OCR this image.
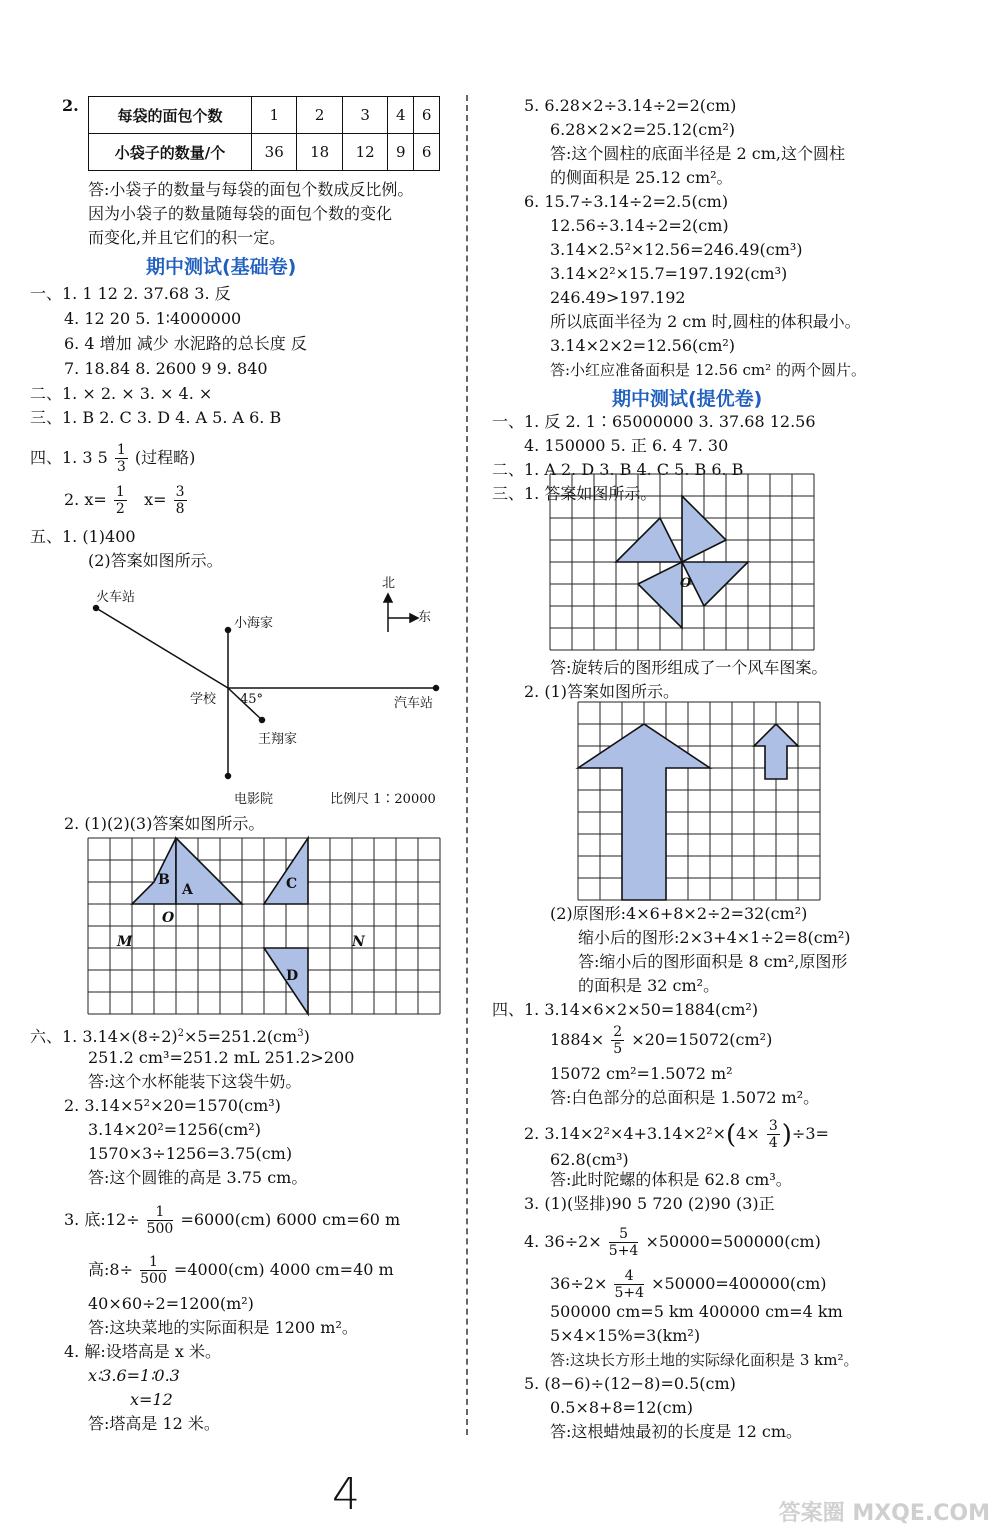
2.
每袋的面包个数	1	2	3	4	6
小袋子的数量/个	36	18	12	9	6
答:小袋子的数量与每袋的面包个数成反比例。
因为小袋子的数量随每袋的面包个数的变化
而变化,并且它们的积一定。
期中测试(基础卷)
一、1. 1 12 2. 37.68 3. 反
4. 12 20 5. 1∶4000000
6. 4 增加 减少 水泥路的总长度 反
7. 18.84 8. 2600 9 9. 840
二、1. × 2. × 3. × 4. ×
三、1. B 2. C 3. D 4. A 5. A 6. B
四、1. 3 $5 \frac{1}{3}$ (过程略)
2. $x= \frac{1}{2} x= \frac{3}{8}$
五、1. (1)400
(2)答案如图所示。
火车站
小海家
北
东
学校 45°	汽车站
王翔家
电影院	比例尺 1∶20000
2. (1)(2)(3)答案如图所示。
B
A	C
O
M	N
D
六、1. $3.14\times(8\div 2)^2\times 5=251.2(cm^3)$
251.2 cm³=251.2 mL 251.2>200
答:这个水杯能装下这袋牛奶。
2. 3.14×5²×20=1570(cm³)
3.14×20²=1256(cm²)
1570×3÷1256=3.75(cm)
答:这个圆锥的高是 3.75 cm。
3. 底:12÷ $\frac{1}{500} =6000(cm)$ 6000 cm=60 m
高:8÷ $\frac{1}{500} =4000(cm)$ 4000 cm=40 m
40×60÷2=1200(m²)
答:这块菜地的实际面积是 1200 m²。
4. 解:设塔高是 x 米。
x∶3.6=1∶0.3
x=12
答:塔高是 12 米。
5. 6.28×2÷3.14÷2=2(cm)
6.28×2×2=25.12(cm²)
答:这个圆柱的底面半径是 2 cm,这个圆柱
的侧面积是 25.12 cm²。
6. 15.7÷3.14÷2=2.5(cm)
12.56÷3.14÷2=2(cm)
3.14×2.5²×12.56=246.49(cm³)
3.14×2²×15.7=197.192(cm³)
246.49>197.192
所以底面半径为 2 cm 时,圆柱的体积最小。
3.14×2×2=12.56(cm²)
答:小红应准备面积是 12.56 cm² 的两个圆片。
期中测试(提优卷)
一、1. 反 2. 1∶65000000 3. 37.68 12.56
4. 150000 5. 正 6. 4 7. 30
二、1. A 2. D 3. B 4. C 5. B 6. B
三、1. 答案如图所示。
O
答:旋转后的图形组成了一个风车图案。
2. (1)答案如图所示。
(2)原图形:4×6+8×2÷2=32(cm²)
缩小后的图形:2×3+4×1÷2=8(cm²)
答:缩小后的图形面积是 8 cm²,原图形
的面积是 32 cm²。
四、1. 3.14×6×2×50=1884(cm²)
$1884\times \frac{2}{5} \times 20=15072(cm^2)$
15072 cm²=1.5072 m²
答:白色部分的总面积是 1.5072 m²。
2. $3.14\times 2^2\times 4+3.14\times 2^2\times(4\times \frac{3}{4} )\div 3=$
62.8(cm³)
答:此时陀螺的体积是 62.8 cm³。
3. (1)(竖排)90 5 720 (2)90 (3)正
4. $36\div 2\times \frac{5}{5+4} \times 50000=500000(cm)$
$36\div 2\times \frac{4}{5+4} \times 50000=400000(cm)$
500000 cm=5 km 400000 cm=4 km
5×4×15%=3(km²)
答:这块长方形土地的实际绿化面积是 3 km²。
5. (8−6)÷(12−8)=0.5(cm)
0.5×8+8=12(cm)
答:这根蜡烛最初的长度是 12 cm。
4	答案圈 MXQE.COM
